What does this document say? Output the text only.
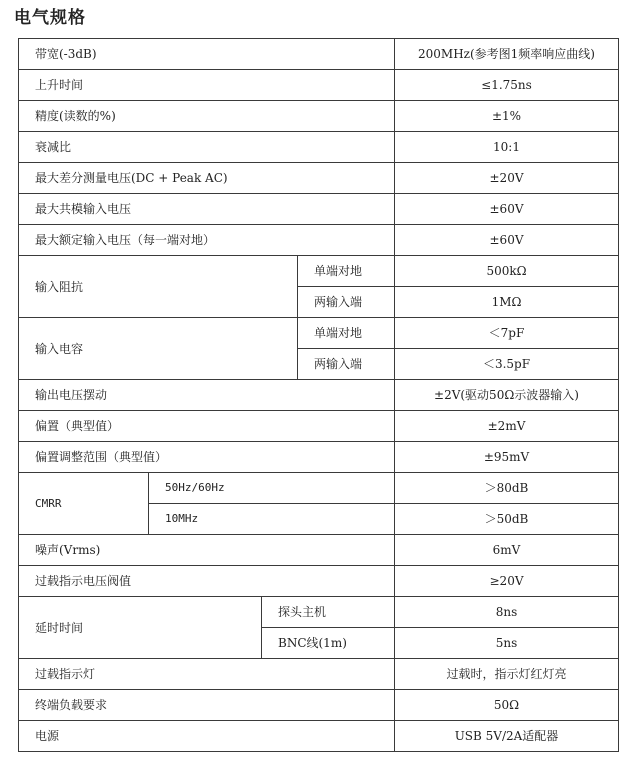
电气规格
带宽(-3dB)				200MHz(参考图1频率响应曲线)
上升时间				≤1.75ns
精度(读数的%)				±1%
衰减比				10:1
最大差分测量电压(DC + Peak AC)				±20V
最大共模输入电压				±60V
最大额定输入电压（每一端对地）				±60V
输入阻抗			单端对地	500kΩ
			两输入端	1MΩ
输入电容			单端对地	＜7pF
			两输入端	＜3.5pF
输出电压摆动				±2V(驱动50Ω示波器输入)
偏置（典型值）				±2mV
偏置调整范围（典型值）				±95mV
CMRR	50Hz/60Hz			＞80dB
	10MHz			＞50dB
噪声(Vrms)				6mV
过载指示电压阀值				≥20V
延时时间		探头主机		8ns
		BNC线(1m)		5ns
过载指示灯				过载时，指示灯红灯亮
终端负载要求				50Ω
电源				USB 5V/2A适配器
